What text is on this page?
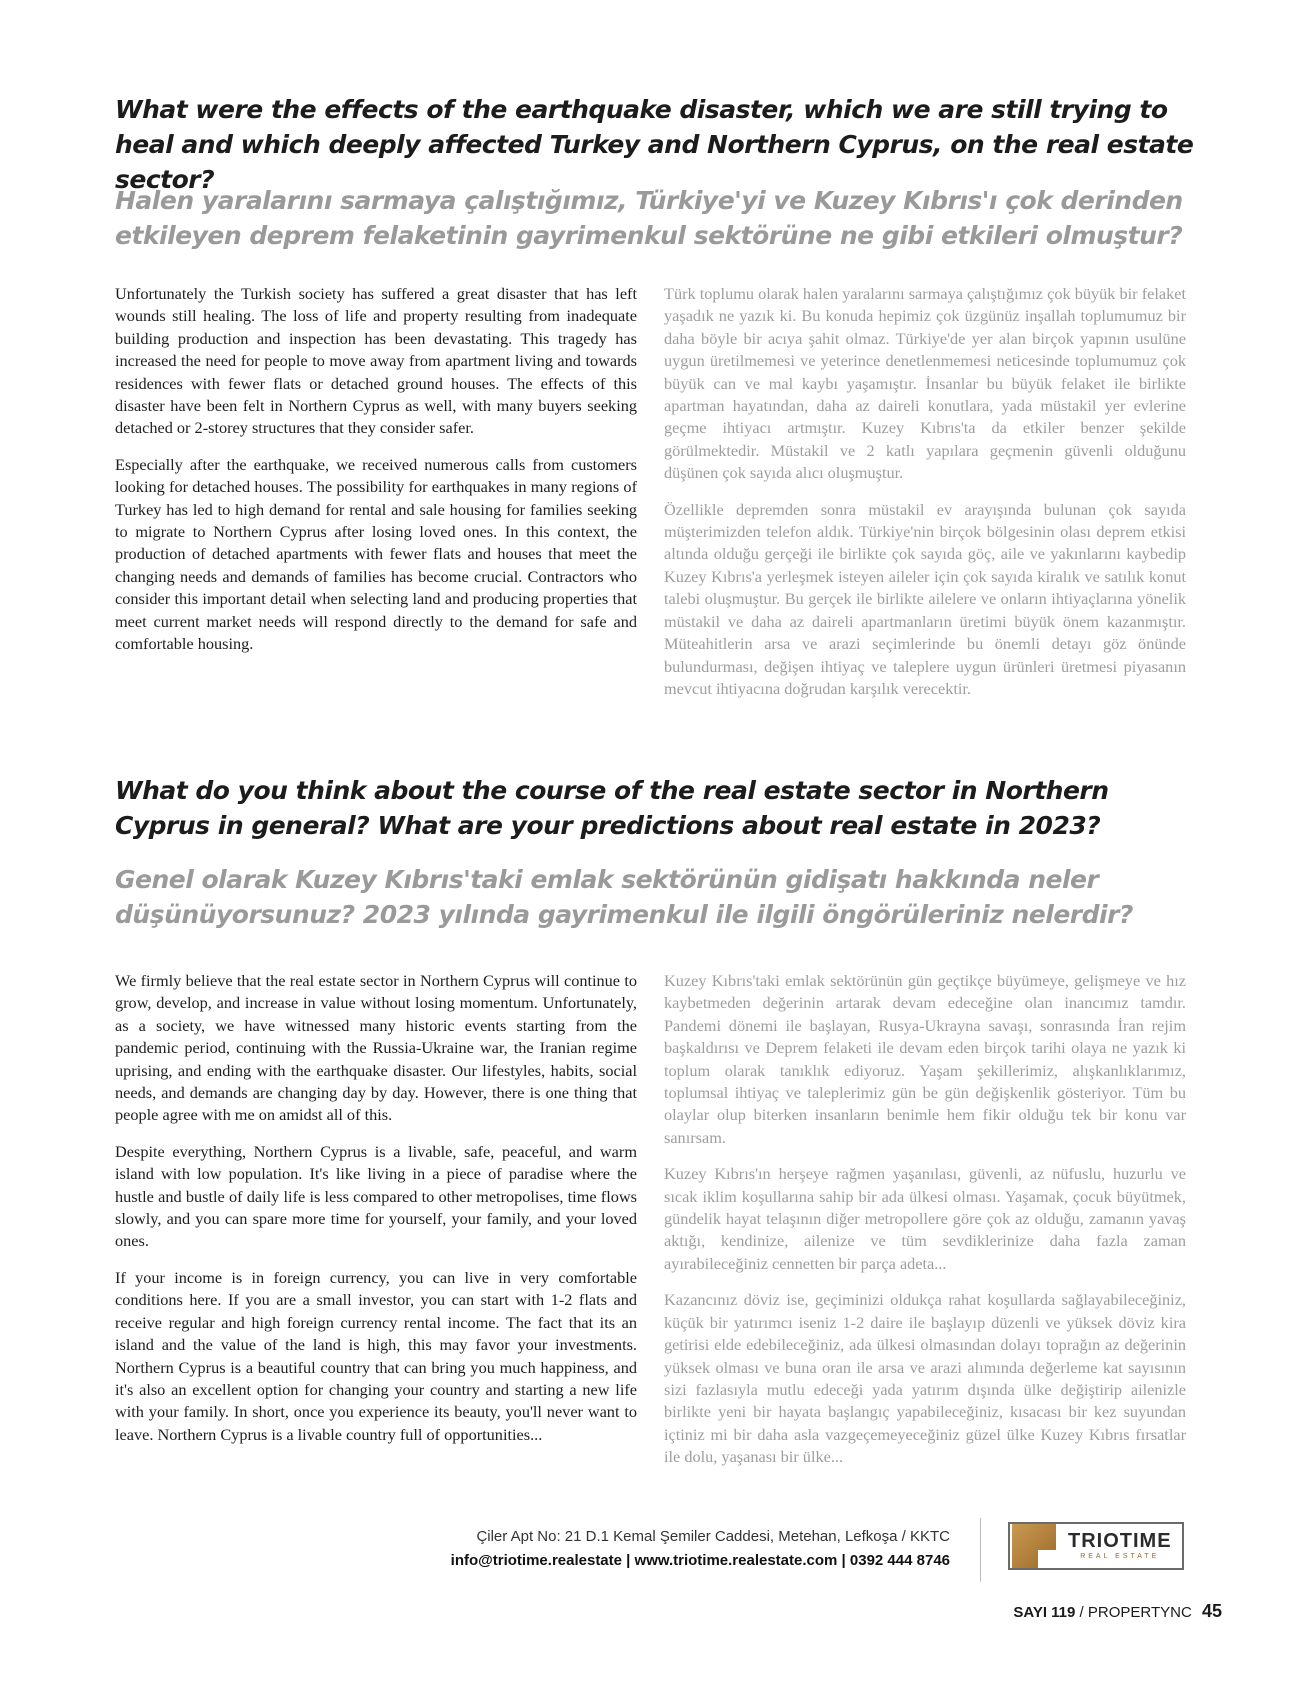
What were the effects of the earthquake disaster, which we are still trying to heal and which deeply affected Turkey and Northern Cyprus, on the real estate sector?
Halen yaralarını sarmaya çalıştığımız, Türkiye'yi ve Kuzey Kıbrıs'ı çok derinden etkileyen deprem felaketinin gayrimenkul sektörüne ne gibi etkileri olmuştur?

Unfortunately the Turkish society has suffered a great disaster that has left wounds still healing. The loss of life and property resulting from inadequate building production and inspection has been devastating. This tragedy has increased the need for people to move away from apartment living and towards residences with fewer flats or detached ground houses. The effects of this disaster have been felt in Northern Cyprus as well, with many buyers seeking detached or 2-storey structures that they consider safer.

Especially after the earthquake, we received numerous calls from customers looking for detached houses. The possibility for earthquakes in many regions of Turkey has led to high demand for rental and sale housing for families seeking to migrate to Northern Cyprus after losing loved ones. In this context, the production of detached apartments with fewer flats and houses that meet the changing needs and demands of families has become crucial. Contractors who consider this important detail when selecting land and producing properties that meet current market needs will respond directly to the demand for safe and comfortable housing.

Türk toplumu olarak halen yaralarını sarmaya çalıştığımız çok büyük bir felaket yaşadık ne yazık ki. Bu konuda hepimiz çok üzgünüz inşallah toplumumuz bir daha böyle bir acıya şahit olmaz. Türkiye'de yer alan birçok yapının usulüne uygun üretilmemesi ve yeterince denetlenmemesi neticesinde toplumumuz çok büyük can ve mal kaybı yaşamıştır. İnsanlar bu büyük felaket ile birlikte apartman hayatından, daha az daireli konutlara, yada müstakil yer evlerine geçme ihtiyacı artmıştır. Kuzey Kıbrıs'ta da etkiler benzer şekilde görülmektedir. Müstakil ve 2 katlı yapılara geçmenin güvenli olduğunu düşünen çok sayıda alıcı oluşmuştur.

Özellikle depremden sonra müstakil ev arayışında bulunan çok sayıda müşterimizden telefon aldık. Türkiye'nin birçok bölgesinin olası deprem etkisi altında olduğu gerçeği ile birlikte çok sayıda göç, aile ve yakınlarını kaybedip Kuzey Kıbrıs'a yerleşmek isteyen aileler için çok sayıda kiralık ve satılık konut talebi oluşmuştur. Bu gerçek ile birlikte ailelere ve onların ihtiyaçlarına yönelik müstakil ve daha az daireli apartmanların üretimi büyük önem kazanmıştır. Müteahitlerin arsa ve arazi seçimlerinde bu önemli detayı göz önünde bulundurması, değişen ihtiyaç ve taleplere uygun ürünleri üretmesi piyasanın mevcut ihtiyacına doğrudan karşılık verecektir.

What do you think about the course of the real estate sector in Northern Cyprus in general? What are your predictions about real estate in 2023?
Genel olarak Kuzey Kıbrıs'taki emlak sektörünün gidişatı hakkında neler düşünüyorsunuz? 2023 yılında gayrimenkul ile ilgili öngörüleriniz nelerdir?

We firmly believe that the real estate sector in Northern Cyprus will continue to grow, develop, and increase in value without losing momentum. Unfortunately, as a society, we have witnessed many historic events starting from the pandemic period, continuing with the Russia-Ukraine war, the Iranian regime uprising, and ending with the earthquake disaster. Our lifestyles, habits, social needs, and demands are changing day by day. However, there is one thing that people agree with me on amidst all of this.

Despite everything, Northern Cyprus is a livable, safe, peaceful, and warm island with low population. It's like living in a piece of paradise where the hustle and bustle of daily life is less compared to other metropolises, time flows slowly, and you can spare more time for yourself, your family, and your loved ones.

If your income is in foreign currency, you can live in very comfortable conditions here. If you are a small investor, you can start with 1-2 flats and receive regular and high foreign currency rental income. The fact that its an island and the value of the land is high, this may favor your investments. Northern Cyprus is a beautiful country that can bring you much happiness, and it's also an excellent option for changing your country and starting a new life with your family. In short, once you experience its beauty, you'll never want to leave. Northern Cyprus is a livable country full of opportunities...

Kuzey Kıbrıs'taki emlak sektörünün gün geçtikçe büyümeye, gelişmeye ve hız kaybetmeden değerinin artarak devam edeceğine olan inancımız tamdır. Pandemi dönemi ile başlayan, Rusya-Ukrayna savaşı, sonrasında İran rejim başkaldırısı ve Deprem felaketi ile devam eden birçok tarihi olaya ne yazık ki toplum olarak tanıklık ediyoruz. Yaşam şekillerimiz, alışkanlıklarımız, toplumsal ihtiyaç ve taleplerimiz gün be gün değişkenlik gösteriyor. Tüm bu olaylar olup biterken insanların benimle hem fikir olduğu tek bir konu var sanırsam.

Kuzey Kıbrıs'ın herşeye rağmen yaşanılası, güvenli, az nüfuslu, huzurlu ve sıcak iklim koşullarına sahip bir ada ülkesi olması. Yaşamak, çocuk büyütmek, gündelik hayat telaşının diğer metropollere göre çok az olduğu, zamanın yavaş aktığı, kendinize, ailenize ve tüm sevdiklerinize daha fazla zaman ayırabileceğiniz cennetten bir parça adeta...

Kazancınız döviz ise, geçiminizi oldukça rahat koşullarda sağlayabileceğiniz, küçük bir yatırımcı iseniz 1-2 daire ile başlayıp düzenli ve yüksek döviz kira getirisi elde edebileceğiniz, ada ülkesi olmasından dolayı toprağın az değerinin yüksek olması ve buna oran ile arsa ve arazi alımında değerleme kat sayısının sizi fazlasıyla mutlu edeceği yada yatırım dışında ülke değiştirip ailenizle birlikte yeni bir hayata başlangıç yapabileceğiniz, kısacası bir kez suyundan içtiniz mi bir daha asla vazgeçemeyeceğiniz güzel ülke Kuzey Kıbrıs fırsatlar ile dolu, yaşanası bir ülke...

Çiler Apt No: 21 D.1 Kemal Şemiler Caddesi, Metehan, Lefkoşa / KKTC
info@triotime.realestate | www.triotime.realestate.com | 0392 444 8746
TRIOTIME
REAL ESTATE
SAYI 119 / PROPERTYNC 45
